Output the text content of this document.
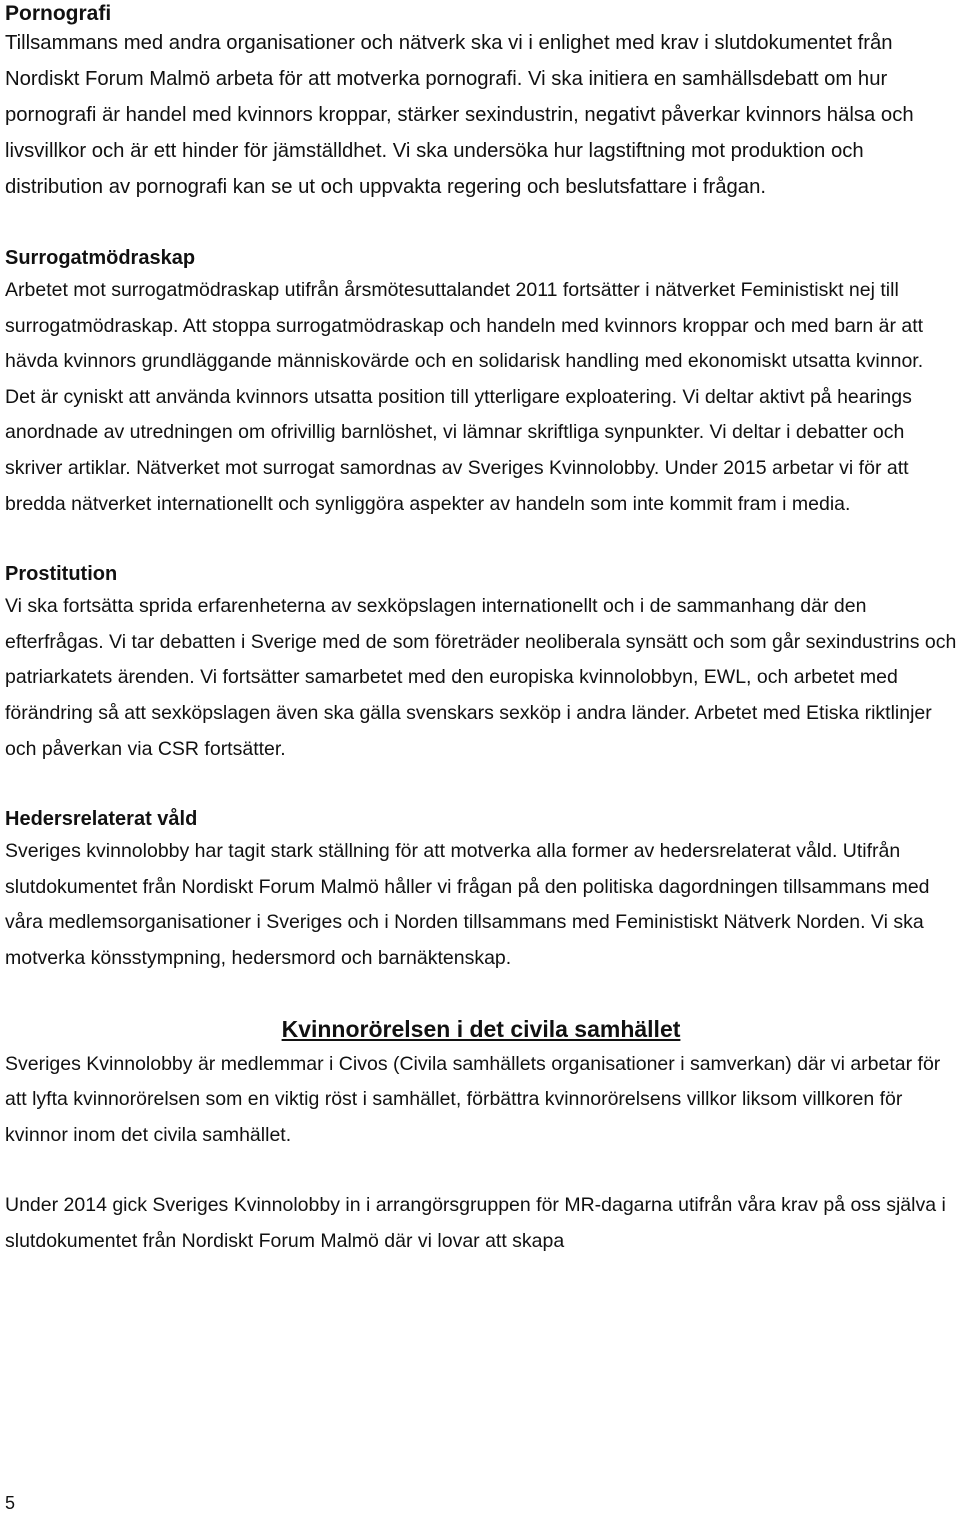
Pornografi

Tillsammans med andra organisationer och nätverk ska vi i enlighet med krav i slutdokumentet från Nordiskt Forum Malmö arbeta för att motverka pornografi. Vi ska initiera en samhällsdebatt om hur pornografi är handel med kvinnors kroppar, stärker sexindustrin, negativt påverkar kvinnors hälsa och livsvillkor och är ett hinder för jämställdhet. Vi ska undersöka hur lagstiftning mot produktion och distribution av pornografi kan se ut och uppvakta regering och beslutsfattare i frågan.

Surrogatmödraskap

Arbetet mot surrogatmödraskap utifrån årsmötesuttalandet 2011 fortsätter i nätverket Feministiskt nej till surrogatmödraskap. Att stoppa surrogatmödraskap och handeln med kvinnors kroppar och med barn är att hävda kvinnors grundläggande människovärde och en solidarisk handling med ekonomiskt utsatta kvinnor. Det är cyniskt att använda kvinnors utsatta position till ytterligare exploatering. Vi deltar aktivt på hearings anordnade av utredningen om ofrivillig barnlöshet, vi lämnar skriftliga synpunkter. Vi deltar i debatter och skriver artiklar. Nätverket mot surrogat samordnas av Sveriges Kvinnolobby. Under 2015 arbetar vi för att bredda nätverket internationellt och synliggöra aspekter av handeln som inte kommit fram i media.

Prostitution

Vi ska fortsätta sprida erfarenheterna av sexköpslagen internationellt och i de sammanhang där den efterfrågas. Vi tar debatten i Sverige med de som företräder neoliberala synsätt och som går sexindustrins och patriarkatets ärenden. Vi fortsätter samarbetet med den europiska kvinnolobbyn, EWL, och arbetet med förändring så att sexköpslagen även ska gälla svenskars sexköp i andra länder. Arbetet med Etiska riktlinjer och påverkan via CSR fortsätter.

Hedersrelaterat våld

Sveriges kvinnolobby har tagit stark ställning för att motverka alla former av hedersrelaterat våld. Utifrån slutdokumentet från Nordiskt Forum Malmö håller vi frågan på den politiska dagordningen tillsammans med våra medlemsorganisationer i Sveriges och i Norden tillsammans med Feministiskt Nätverk Norden. Vi ska motverka könsstympning, hedersmord och barnäktenskap.

Kvinnorörelsen i det civila samhället

Sveriges Kvinnolobby är medlemmar i Civos (Civila samhällets organisationer i samverkan) där vi arbetar för att lyfta kvinnorörelsen som en viktig röst i samhället, förbättra kvinnorörelsens villkor liksom villkoren för kvinnor inom det civila samhället.

Under 2014 gick Sveriges Kvinnolobby in i arrangörsgruppen för MR-dagarna utifrån våra krav på oss själva i slutdokumentet från Nordiskt Forum Malmö där vi lovar att skapa

5
